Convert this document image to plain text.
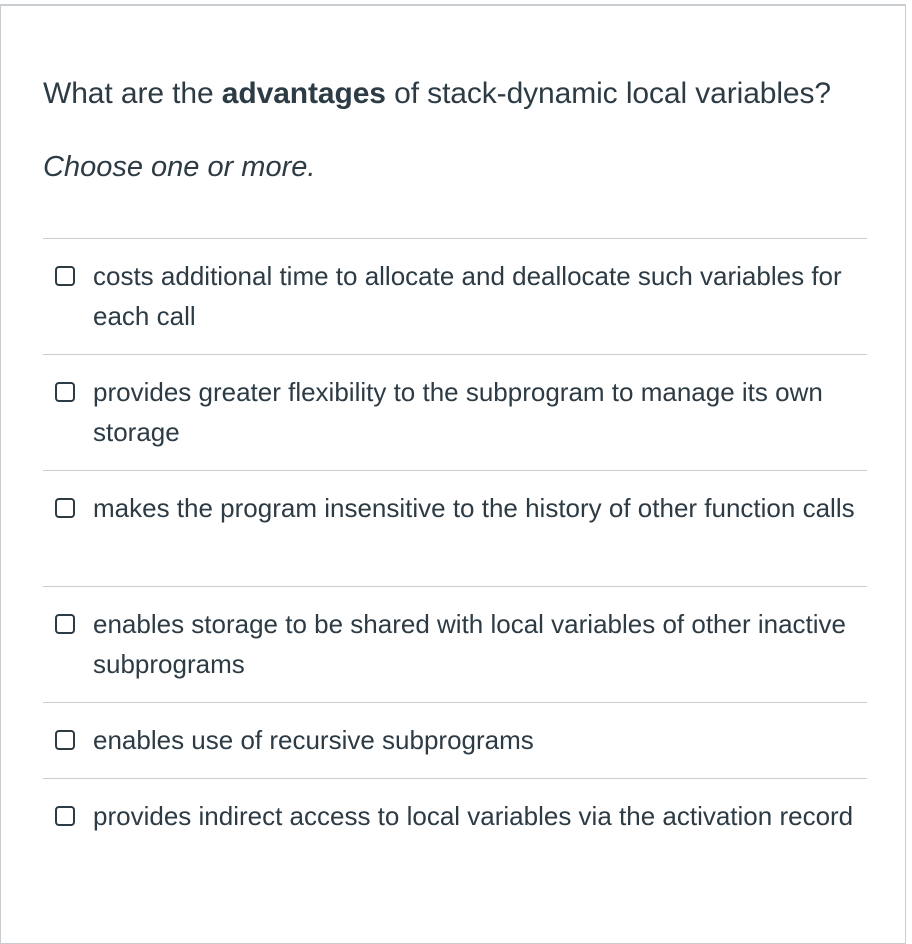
What are the advantages of stack-dynamic local variables?
Choose one or more.
costs additional time to allocate and deallocate such variables for each call
provides greater flexibility to the subprogram to manage its own storage
makes the program insensitive to the history of other function calls
enables storage to be shared with local variables of other inactive subprograms
enables use of recursive subprograms
provides indirect access to local variables via the activation record
